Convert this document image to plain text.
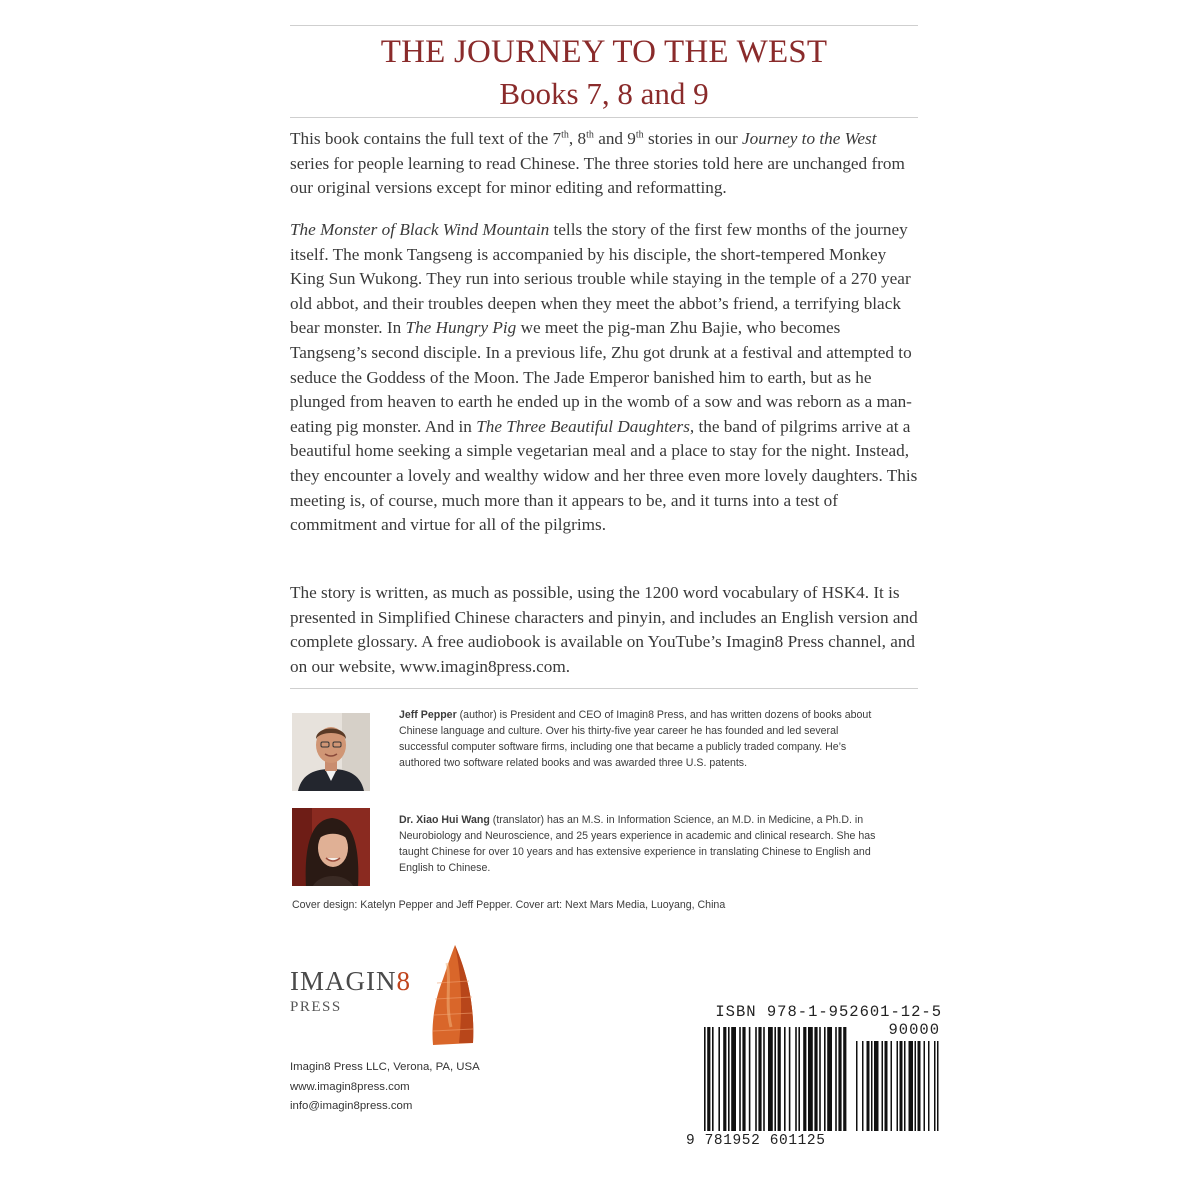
THE JOURNEY TO THE WEST
Books 7, 8 and 9

This book contains the full text of the 7th, 8th and 9th stories in our Journey to the West series for people learning to read Chinese. The three stories told here are unchanged from our original versions except for minor editing and reformatting.

The Monster of Black Wind Mountain tells the story of the first few months of the journey itself. The monk Tangseng is accompanied by his disciple, the short-tempered Monkey King Sun Wukong. They run into serious trouble while staying in the temple of a 270 year old abbot, and their troubles deepen when they meet the abbot’s friend, a terrifying black bear monster. In The Hungry Pig we meet the pig-man Zhu Bajie, who becomes Tangseng’s second disciple. In a previous life, Zhu got drunk at a festival and attempted to seduce the Goddess of the Moon. The Jade Emperor banished him to earth, but as he plunged from heaven to earth he ended up in the womb of a sow and was reborn as a man-eating pig monster. And in The Three Beautiful Daughters, the band of pilgrims arrive at a beautiful home seeking a simple vegetarian meal and a place to stay for the night. Instead, they encounter a lovely and wealthy widow and her three even more lovely daughters. This meeting is, of course, much more than it appears to be, and it turns into a test of commitment and virtue for all of the pilgrims.

The story is written, as much as possible, using the 1200 word vocabulary of HSK4. It is presented in Simplified Chinese characters and pinyin, and includes an English version and complete glossary. A free audiobook is available on YouTube’s Imagin8 Press channel, and on our website, www.imagin8press.com.

Jeff Pepper (author) is President and CEO of Imagin8 Press, and has written dozens of books about Chinese language and culture. Over his thirty-five year career he has founded and led several successful computer software firms, including one that became a publicly traded company. He’s authored two software related books and was awarded three U.S. patents.

Dr. Xiao Hui Wang (translator) has an M.S. in Information Science, an M.D. in Medicine, a Ph.D. in Neurobiology and Neuroscience, and 25 years experience in academic and clinical research. She has taught Chinese for over 10 years and has extensive experience in translating Chinese to English and English to Chinese.

Cover design: Katelyn Pepper and Jeff Pepper. Cover art: Next Mars Media, Luoyang, China

IMAGIN8
PRESS
Imagin8 Press LLC, Verona, PA, USA
www.imagin8press.com
info@imagin8press.com
ISBN 978-1-952601-12-5
90000
9 781952 601125
